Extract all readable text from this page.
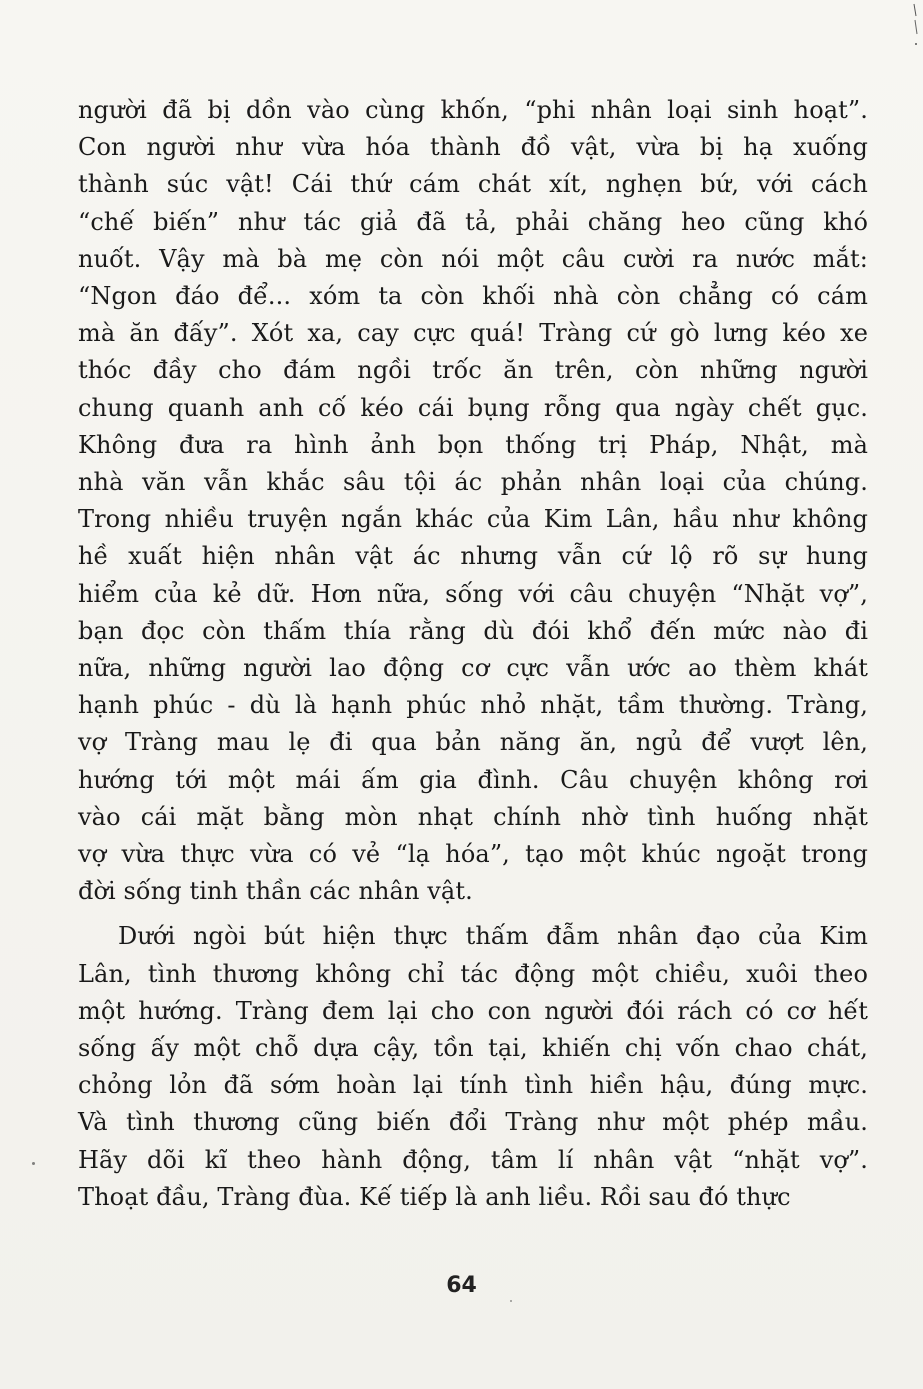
người đã bị dồn vào cùng khốn, “phi nhân loại sinh hoạt”.
Con người như vừa hóa thành đồ vật, vừa bị hạ xuống
thành súc vật! Cái thứ cám chát xít, nghẹn bứ, với cách
“chế biến” như tác giả đã tả, phải chăng heo cũng khó
nuốt. Vậy mà bà mẹ còn nói một câu cười ra nước mắt:
“Ngon đáo để... xóm ta còn khối nhà còn chẳng có cám
mà ăn đấy”. Xót xa, cay cực quá! Tràng cứ gò lưng kéo xe
thóc đầy cho đám ngồi trốc ăn trên, còn những người
chung quanh anh cố kéo cái bụng rỗng qua ngày chết gục.
Không đưa ra hình ảnh bọn thống trị Pháp, Nhật, mà
nhà văn vẫn khắc sâu tội ác phản nhân loại của chúng.
Trong nhiều truyện ngắn khác của Kim Lân, hầu như không
hề xuất hiện nhân vật ác nhưng vẫn cứ lộ rõ sự hung
hiểm của kẻ dữ. Hơn nữa, sống với câu chuyện “Nhặt vợ”,
bạn đọc còn thấm thía rằng dù đói khổ đến mức nào đi
nữa, những người lao động cơ cực vẫn ước ao thèm khát
hạnh phúc - dù là hạnh phúc nhỏ nhặt, tầm thường. Tràng,
vợ Tràng mau lẹ đi qua bản năng ăn, ngủ để vượt lên,
hướng tới một mái ấm gia đình. Câu chuyện không rơi
vào cái mặt bằng mòn nhạt chính nhờ tình huống nhặt
vợ vừa thực vừa có vẻ “lạ hóa”, tạo một khúc ngoặt trong
đời sống tinh thần các nhân vật.

Dưới ngòi bút hiện thực thấm đẫm nhân đạo của Kim
Lân, tình thương không chỉ tác động một chiều, xuôi theo
một hướng. Tràng đem lại cho con người đói rách có cơ hết
sống ấy một chỗ dựa cậy, tồn tại, khiến chị vốn chao chát,
chỏng lỏn đã sớm hoàn lại tính tình hiền hậu, đúng mực.
Và tình thương cũng biến đổi Tràng như một phép mầu.
Hãy dõi kĩ theo hành động, tâm lí nhân vật “nhặt vợ”.
Thoạt đầu, Tràng đùa. Kế tiếp là anh liều. Rồi sau đó thực

64
